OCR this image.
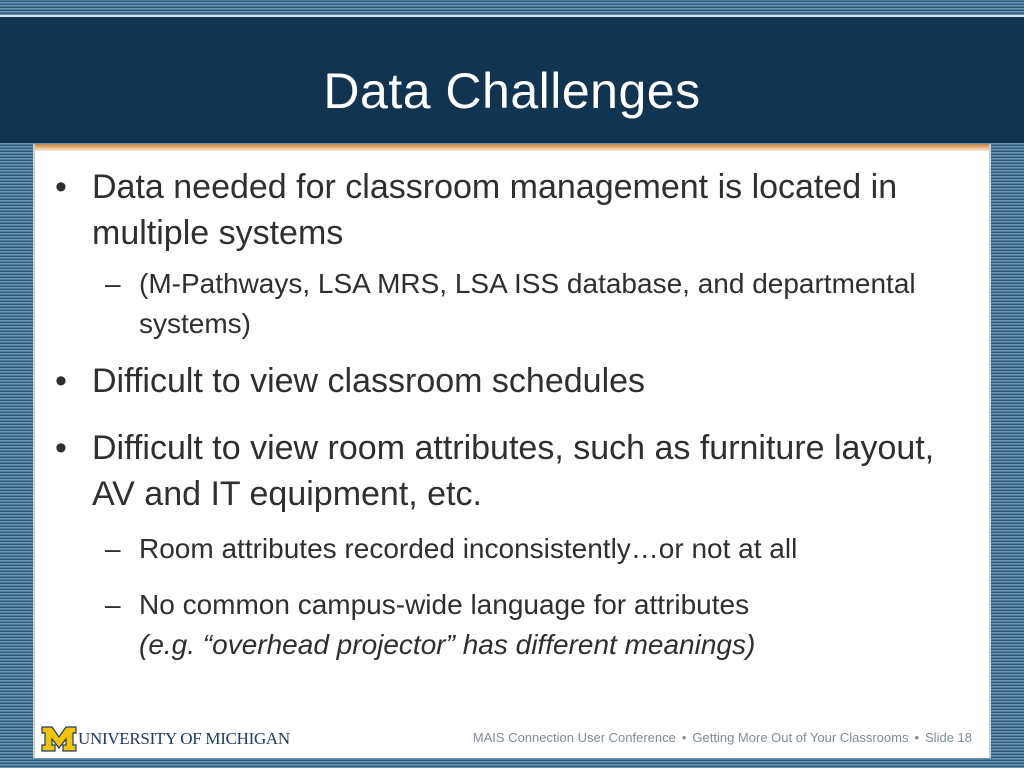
Data Challenges
• Data needed for classroom management is located in multiple systems
– (M-Pathways, LSA MRS, LSA ISS database, and departmental systems)
• Difficult to view classroom schedules
• Difficult to view room attributes, such as furniture layout, AV and IT equipment, etc.
– Room attributes recorded inconsistently…or not at all
– No common campus-wide language for attributes
(e.g. “overhead projector” has different meanings)
UNIVERSITY OF MICHIGAN	MAIS Connection User Conference • Getting More Out of Your Classrooms • Slide 18
